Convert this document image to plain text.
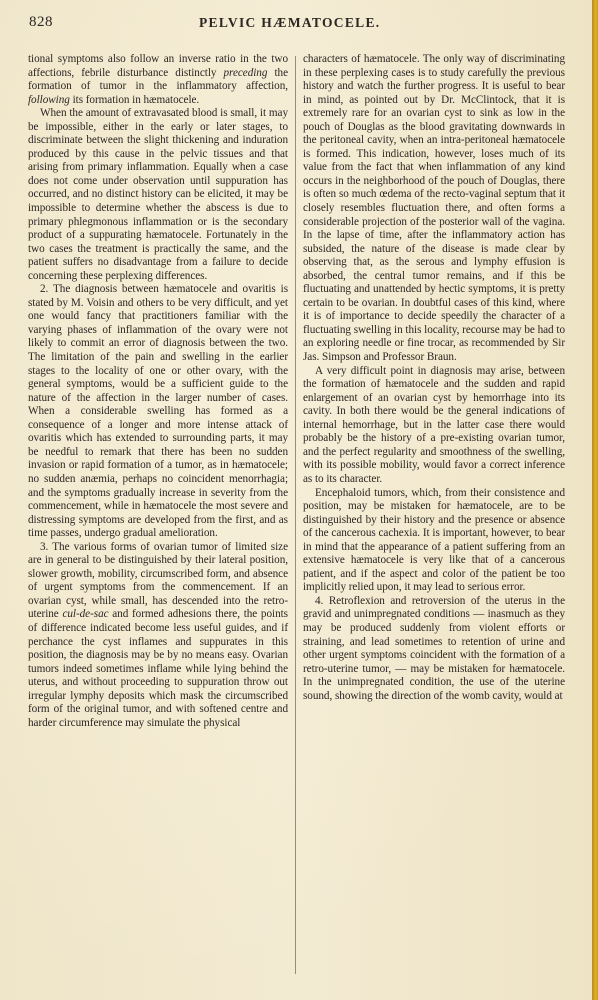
828	PELVIC HÆMATOCELE.

tional symptoms also follow an inverse ratio in the two affections, febrile disturbance distinctly preceding the formation of tumor in the inflammatory affection, following its formation in hæmatocele.

When the amount of extravasated blood is small, it may be impossible, either in the early or later stages, to discriminate between the slight thickening and induration produced by this cause in the pelvic tissues and that arising from primary inflammation. Equally when a case does not come under observation until suppuration has occurred, and no distinct history can be elicited, it may be impossible to determine whether the abscess is due to primary phlegmonous inflammation or is the secondary product of a suppurating hæmatocele. Fortunately in the two cases the treatment is practically the same, and the patient suffers no disadvantage from a failure to decide concerning these perplexing differences.

2. The diagnosis between hæmatocele and ovaritis is stated by M. Voisin and others to be very difficult, and yet one would fancy that practitioners familiar with the varying phases of inflammation of the ovary were not likely to commit an error of diagnosis between the two. The limitation of the pain and swelling in the earlier stages to the locality of one or other ovary, with the general symptoms, would be a sufficient guide to the nature of the affection in the larger number of cases. When a considerable swelling has formed as a consequence of a longer and more intense attack of ovaritis which has extended to surrounding parts, it may be needful to remark that there has been no sudden invasion or rapid formation of a tumor, as in hæmatocele; no sudden anæmia, perhaps no coincident menorrhagia; and the symptoms gradually increase in severity from the commencement, while in hæmatocele the most severe and distressing symptoms are developed from the first, and as time passes, undergo gradual amelioration.

3. The various forms of ovarian tumor of limited size are in general to be distinguished by their lateral position, slower growth, mobility, circumscribed form, and absence of urgent symptoms from the commencement. If an ovarian cyst, while small, has descended into the retro-uterine cul-de-sac and formed adhesions there, the points of difference indicated become less useful guides, and if perchance the cyst inflames and suppurates in this position, the diagnosis may be by no means easy. Ovarian tumors indeed sometimes inflame while lying behind the uterus, and without proceeding to suppuration throw out irregular lymphy deposits which mask the circumscribed form of the original tumor, and with softened centre and harder circumference may simulate the physical

characters of hæmatocele. The only way of discriminating in these perplexing cases is to study carefully the previous history and watch the further progress. It is useful to bear in mind, as pointed out by Dr. McClintock, that it is extremely rare for an ovarian cyst to sink as low in the pouch of Douglas as the blood gravitating downwards in the peritoneal cavity, when an intra-peritoneal hæmatocele is formed. This indication, however, loses much of its value from the fact that when inflammation of any kind occurs in the neighborhood of the pouch of Douglas, there is often so much œdema of the recto-vaginal septum that it closely resembles fluctuation there, and often forms a considerable projection of the posterior wall of the vagina. In the lapse of time, after the inflammatory action has subsided, the nature of the disease is made clear by observing that, as the serous and lymphy effusion is absorbed, the central tumor remains, and if this be fluctuating and unattended by hectic symptoms, it is pretty certain to be ovarian. In doubtful cases of this kind, where it is of importance to decide speedily the character of a fluctuating swelling in this locality, recourse may be had to an exploring needle or fine trocar, as recommended by Sir Jas. Simpson and Professor Braun.

A very difficult point in diagnosis may arise, between the formation of hæmatocele and the sudden and rapid enlargement of an ovarian cyst by hemorrhage into its cavity. In both there would be the general indications of internal hemorrhage, but in the latter case there would probably be the history of a pre-existing ovarian tumor, and the perfect regularity and smoothness of the swelling, with its possible mobility, would favor a correct inference as to its character.

Encephaloid tumors, which, from their consistence and position, may be mistaken for hæmatocele, are to be distinguished by their history and the presence or absence of the cancerous cachexia. It is important, however, to bear in mind that the appearance of a patient suffering from an extensive hæmatocele is very like that of a cancerous patient, and if the aspect and color of the patient be too implicitly relied upon, it may lead to serious error.

4. Retroflexion and retroversion of the uterus in the gravid and unimpregnated conditions — inasmuch as they may be produced suddenly from violent efforts or straining, and lead sometimes to retention of urine and other urgent symptoms coincident with the formation of a retro-uterine tumor, — may be mistaken for hæmatocele. In the unimpregnated condition, the use of the uterine sound, showing the direction of the womb cavity, would at
